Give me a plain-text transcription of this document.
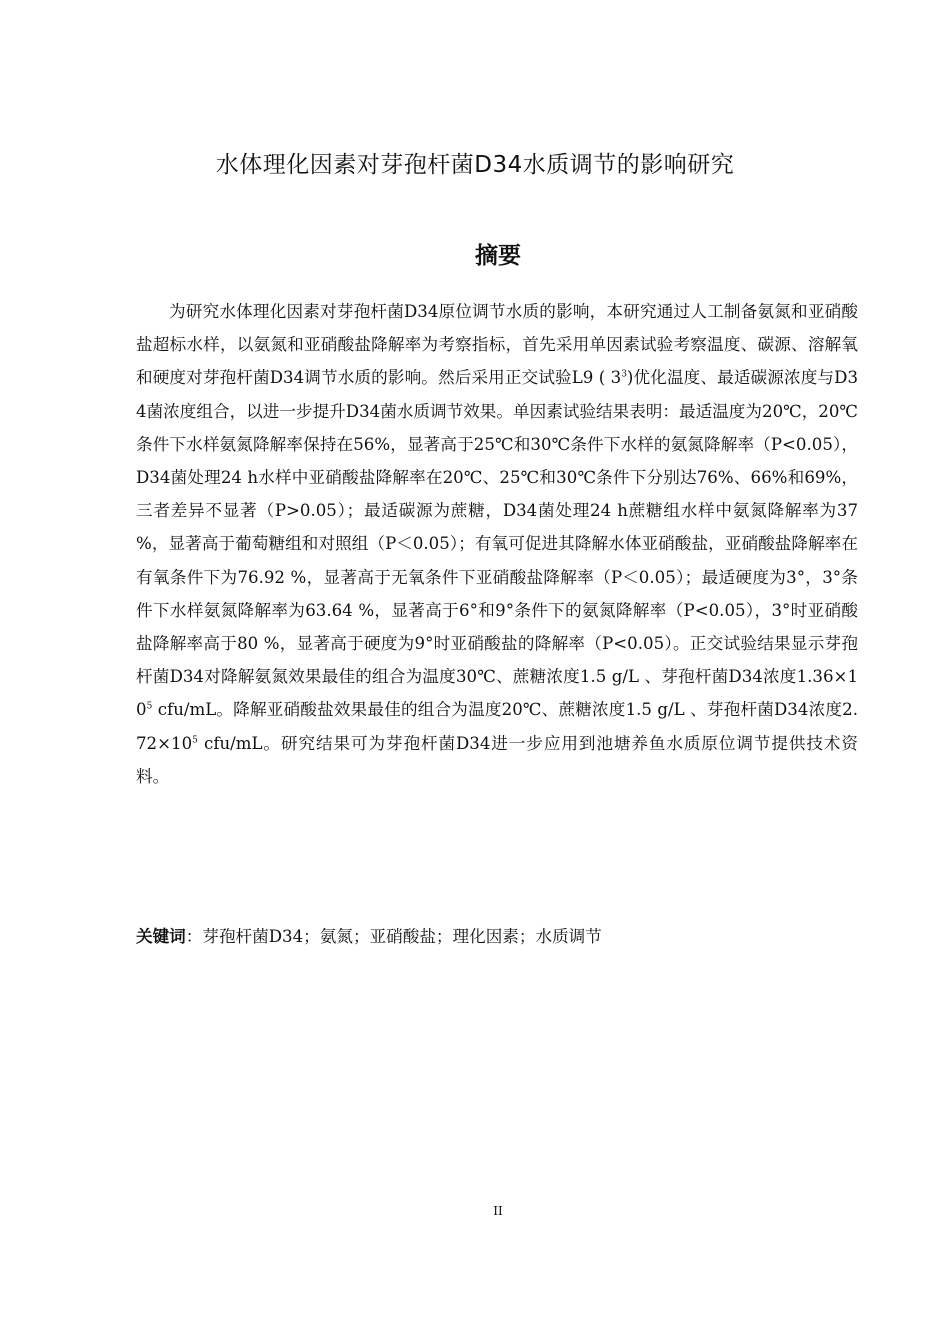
水体理化因素对芽孢杆菌D34水质调节的影响研究
摘要

为研究水体理化因素对芽孢杆菌D34原位调节水质的影响，本研究通过人工制备氨氮和亚硝酸盐超标水样，以氨氮和亚硝酸盐降解率为考察指标，首先采用单因素试验考察温度、碳源、溶解氧和硬度对芽孢杆菌D34调节水质的影响。然后采用正交试验L9 ( $3^3$)优化温度、最适碳源浓度与D34菌浓度组合，以进一步提升D34菌水质调节效果。单因素试验结果表明：最适温度为20℃，20℃条件下水样氨氮降解率保持在56%，显著高于25℃和30℃条件下水样的氨氮降解率（P<0.05），D34菌处理24 h水样中亚硝酸盐降解率在20℃、25℃和30℃条件下分别达76%、66%和69%，三者差异不显著（P>0.05）；最适碳源为蔗糖，D34菌处理24 h蔗糖组水样中氨氮降解率为37 %，显著高于葡萄糖组和对照组（P＜0.05）；有氧可促进其降解水体亚硝酸盐，亚硝酸盐降解率在有氧条件下为76.92 %，显著高于无氧条件下亚硝酸盐降解率（P＜0.05）；最适硬度为3°，3°条件下水样氨氮降解率为63.64 %，显著高于6°和9°条件下的氨氮降解率（P<0.05），3°时亚硝酸盐降解率高于80 %，显著高于硬度为9°时亚硝酸盐的降解率（P<0.05）。正交试验结果显示芽孢杆菌D34对降解氨氮效果最佳的组合为温度30℃、蔗糖浓度1.5 g/L 、芽孢杆菌D34浓度$1.36\times 10^5$ cfu/mL。降解亚硝酸盐效果最佳的组合为温度20℃、蔗糖浓度1.5 g/L 、芽孢杆菌D34浓度$2.72\times 10^5$ cfu/mL。研究结果可为芽孢杆菌D34进一步应用到池塘养鱼水质原位调节提供技术资料。

关键词：芽孢杆菌D34；氨氮；亚硝酸盐；理化因素；水质调节

II
